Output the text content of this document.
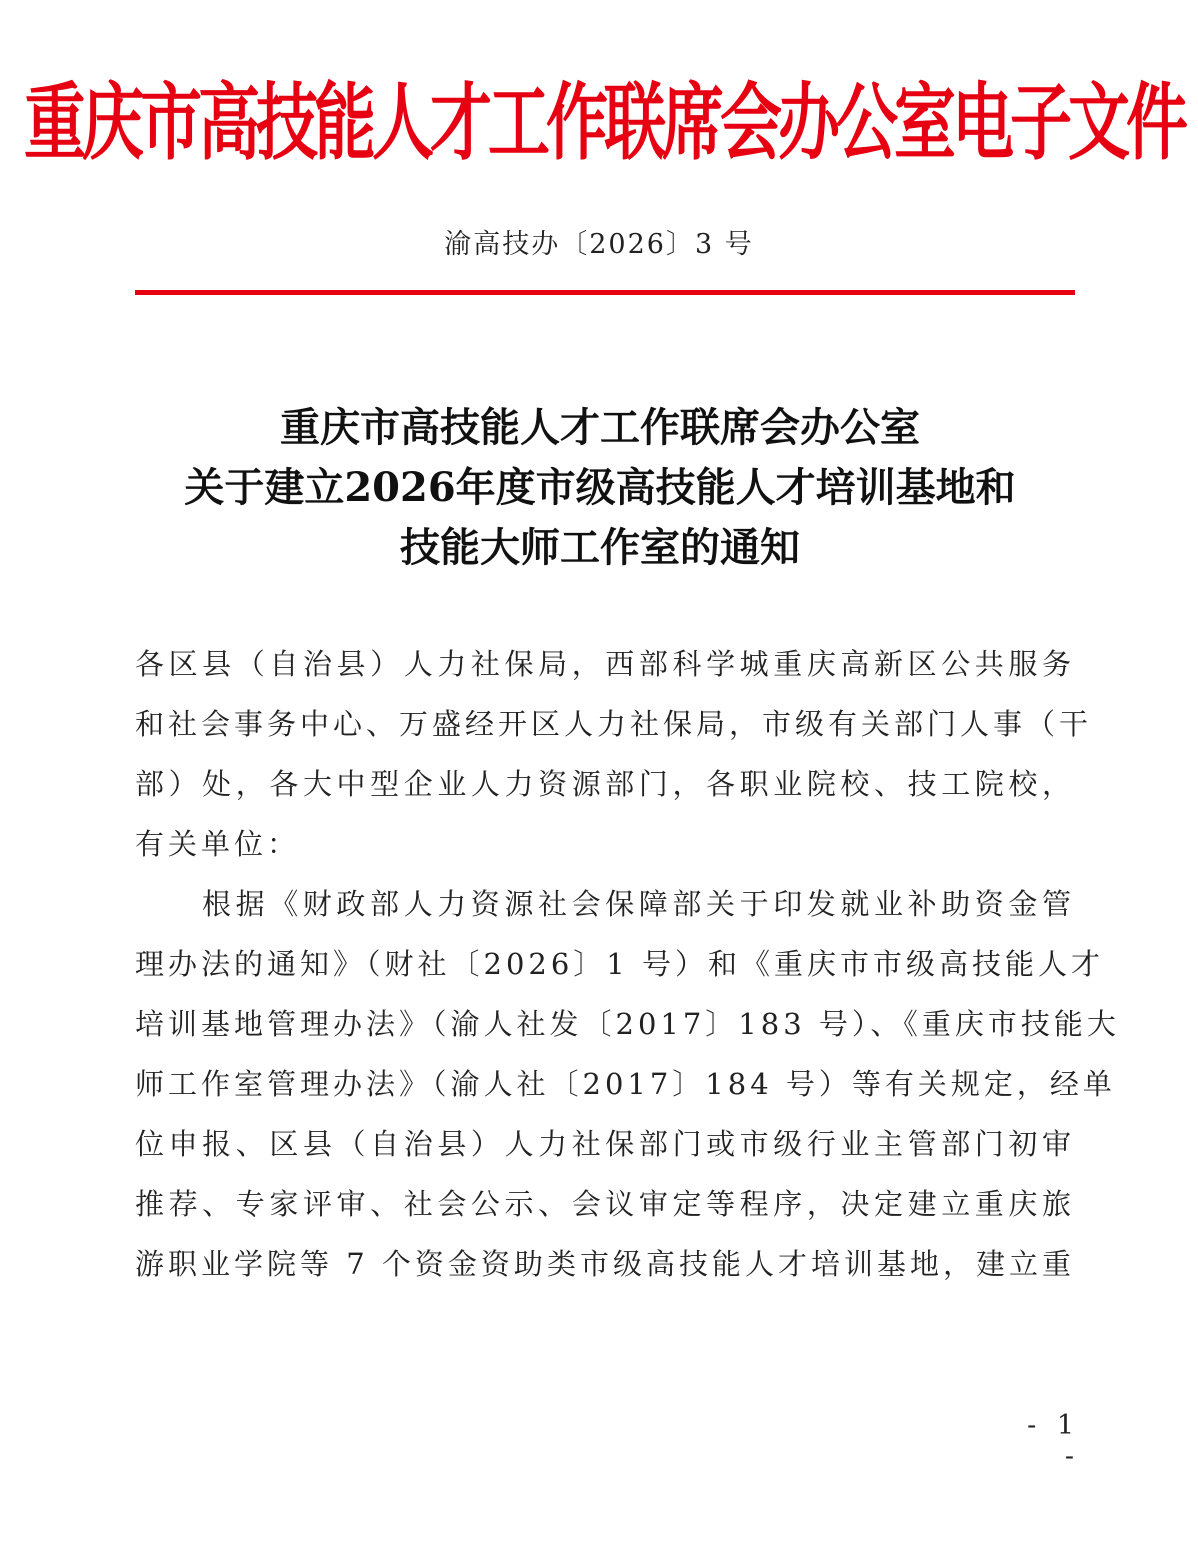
重庆市高技能人才工作联席会办公室电子文件
渝高技办〔2026〕3 号
重庆市高技能人才工作联席会办公室
关于建立2026年度市级高技能人才培训基地和
技能大师工作室的通知
各区县（自治县）人力社保局，西部科学城重庆高新区公共服务
和社会事务中心、万盛经开区人力社保局，市级有关部门人事（干
部）处，各大中型企业人力资源部门，各职业院校、技工院校，
有关单位：
根据《财政部人力资源社会保障部关于印发就业补助资金管
理办法的通知》（财社〔2026〕1 号）和《重庆市市级高技能人才
培训基地管理办法》（渝人社发〔2017〕183 号）、《重庆市技能大
师工作室管理办法》（渝人社〔2017〕184 号）等有关规定，经单
位申报、区县（自治县）人力社保部门或市级行业主管部门初审
推荐、专家评审、社会公示、会议审定等程序，决定建立重庆旅
游职业学院等 7 个资金资助类市级高技能人才培训基地，建立重
- 1 -
